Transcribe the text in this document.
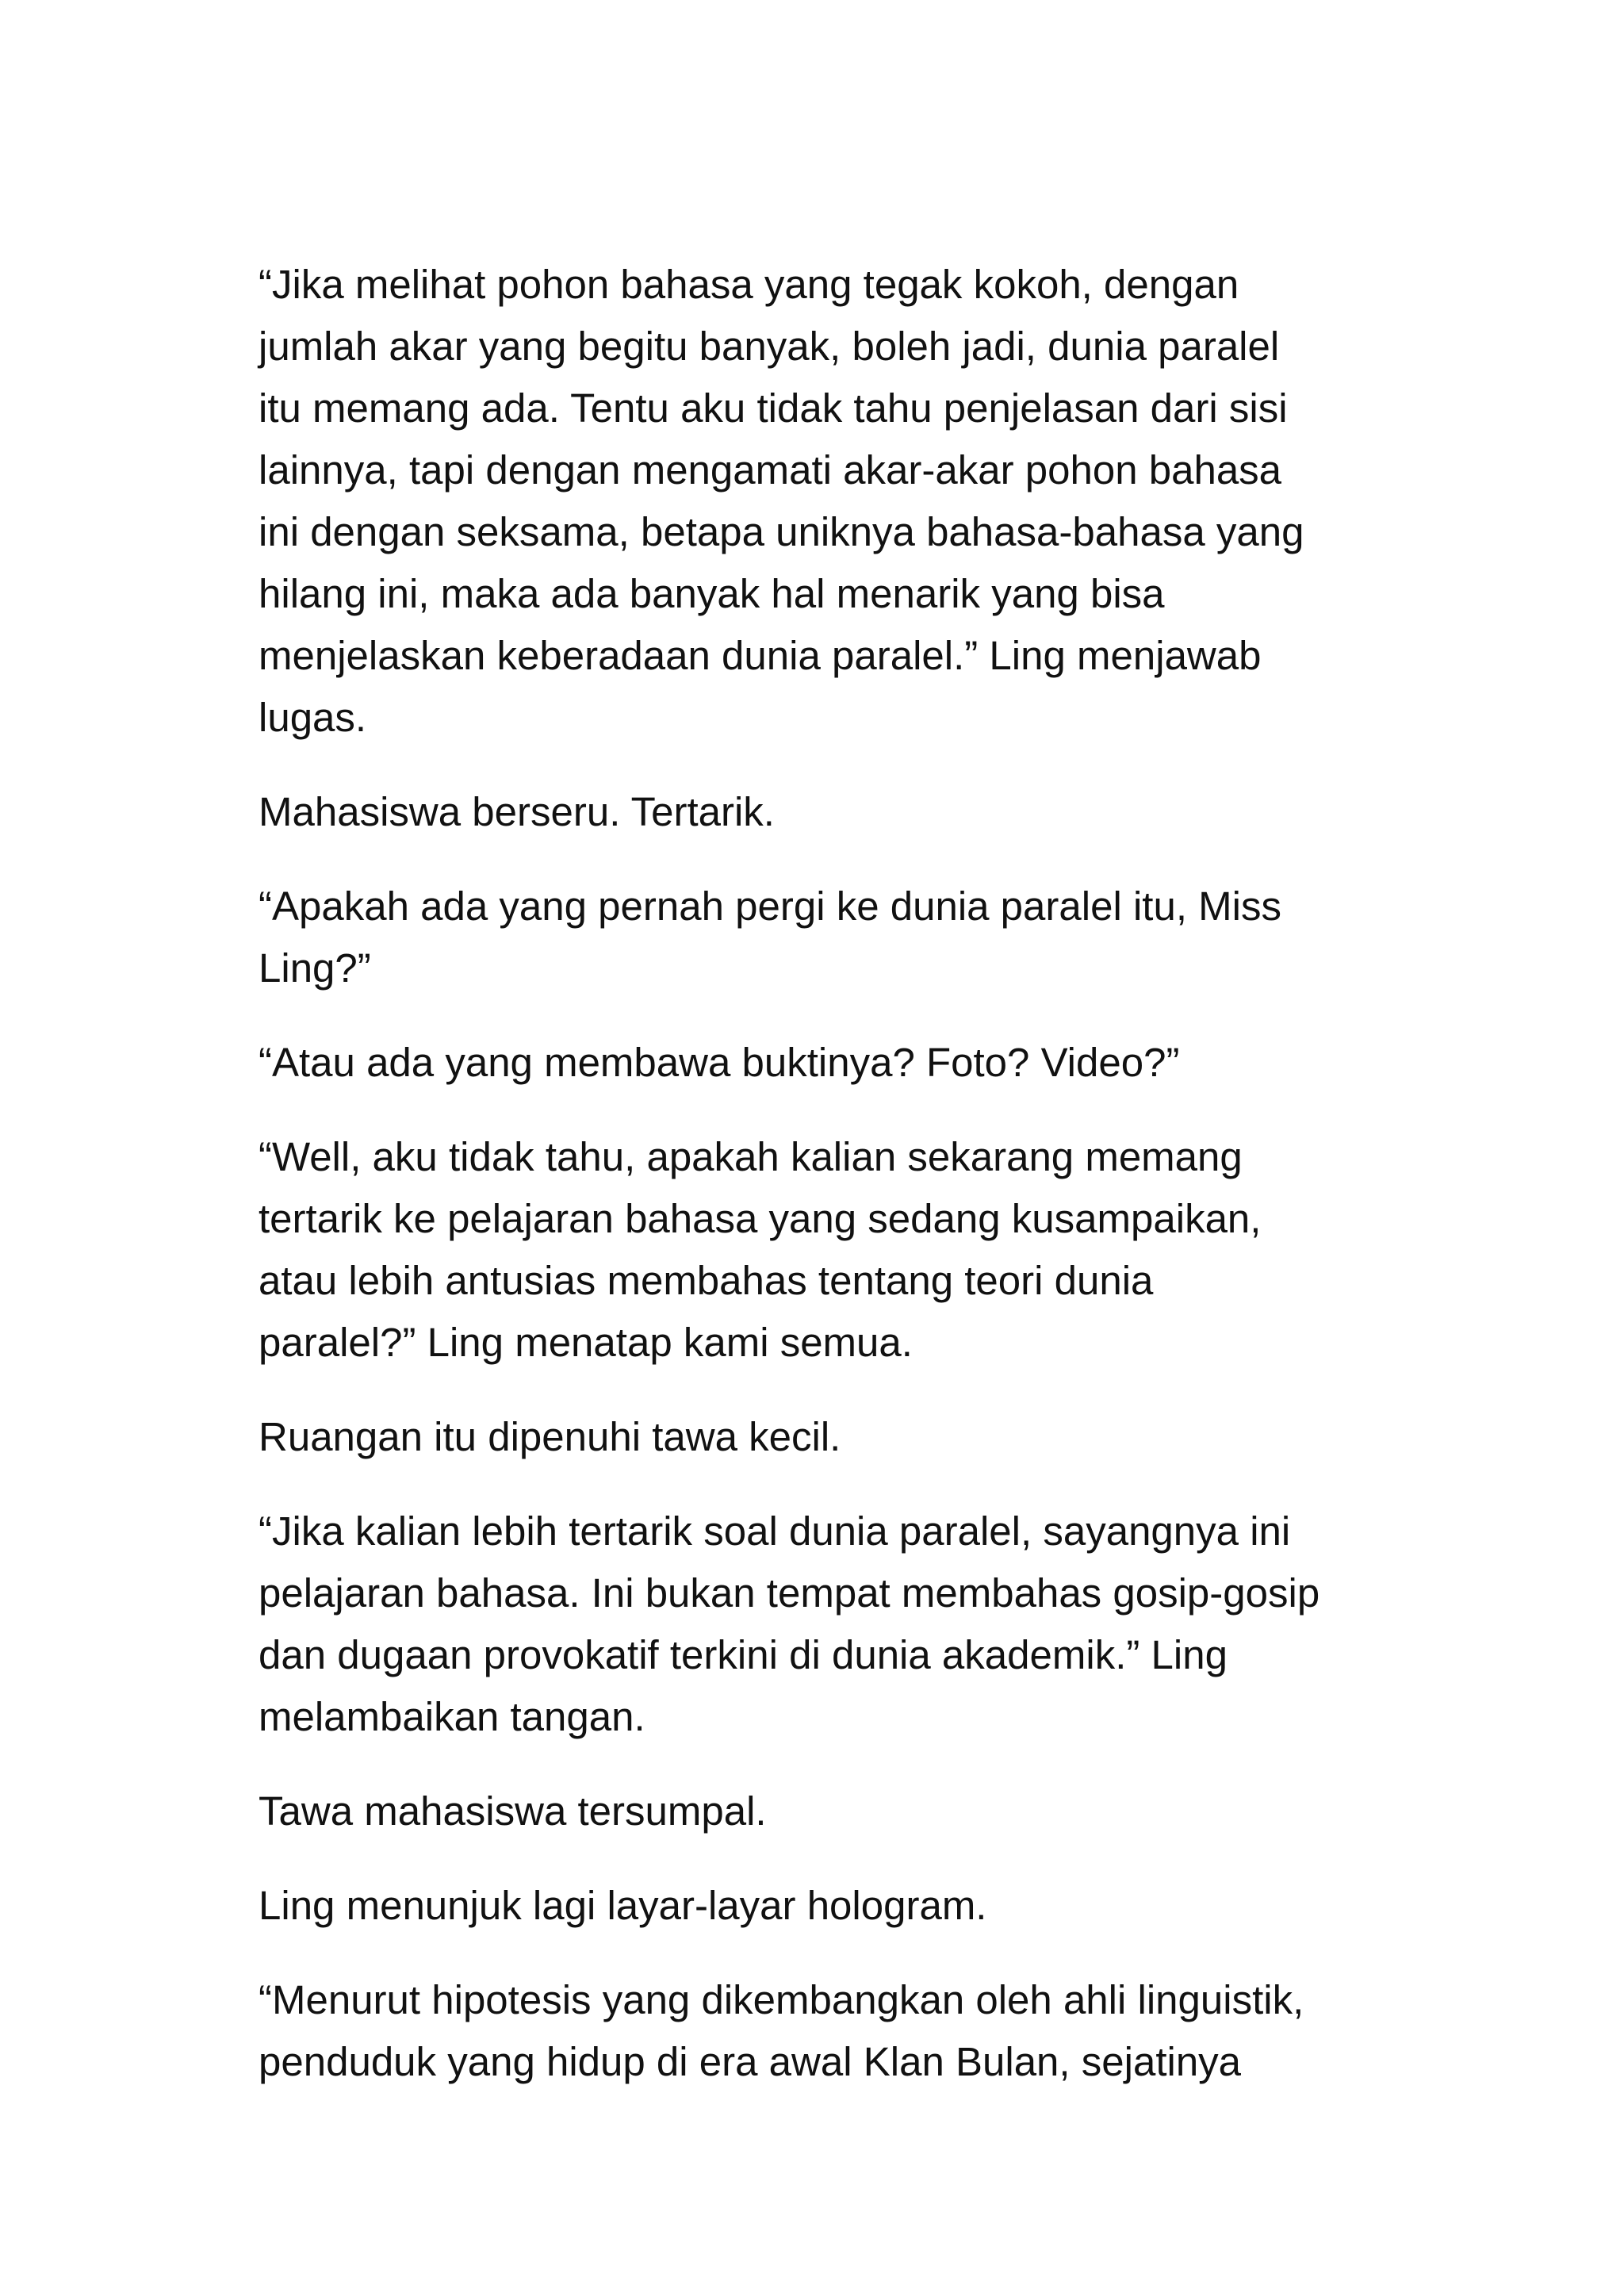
“Jika melihat pohon bahasa yang tegak kokoh, dengan
jumlah akar yang begitu banyak, boleh jadi, dunia paralel
itu memang ada. Tentu aku tidak tahu penjelasan dari sisi
lainnya, tapi dengan mengamati akar-akar pohon bahasa
ini dengan seksama, betapa uniknya bahasa-bahasa yang
hilang ini, maka ada banyak hal menarik yang bisa
menjelaskan keberadaan dunia paralel.” Ling menjawab
lugas.

Mahasiswa berseru. Tertarik.

“Apakah ada yang pernah pergi ke dunia paralel itu, Miss
Ling?”

“Atau ada yang membawa buktinya? Foto? Video?”

“Well, aku tidak tahu, apakah kalian sekarang memang
tertarik ke pelajaran bahasa yang sedang kusampaikan,
atau lebih antusias membahas tentang teori dunia
paralel?” Ling menatap kami semua.

Ruangan itu dipenuhi tawa kecil.

“Jika kalian lebih tertarik soal dunia paralel, sayangnya ini
pelajaran bahasa. Ini bukan tempat membahas gosip-gosip
dan dugaan provokatif terkini di dunia akademik.” Ling
melambaikan tangan.

Tawa mahasiswa tersumpal.

Ling menunjuk lagi layar-layar hologram.

“Menurut hipotesis yang dikembangkan oleh ahli linguistik,
penduduk yang hidup di era awal Klan Bulan, sejatinya
